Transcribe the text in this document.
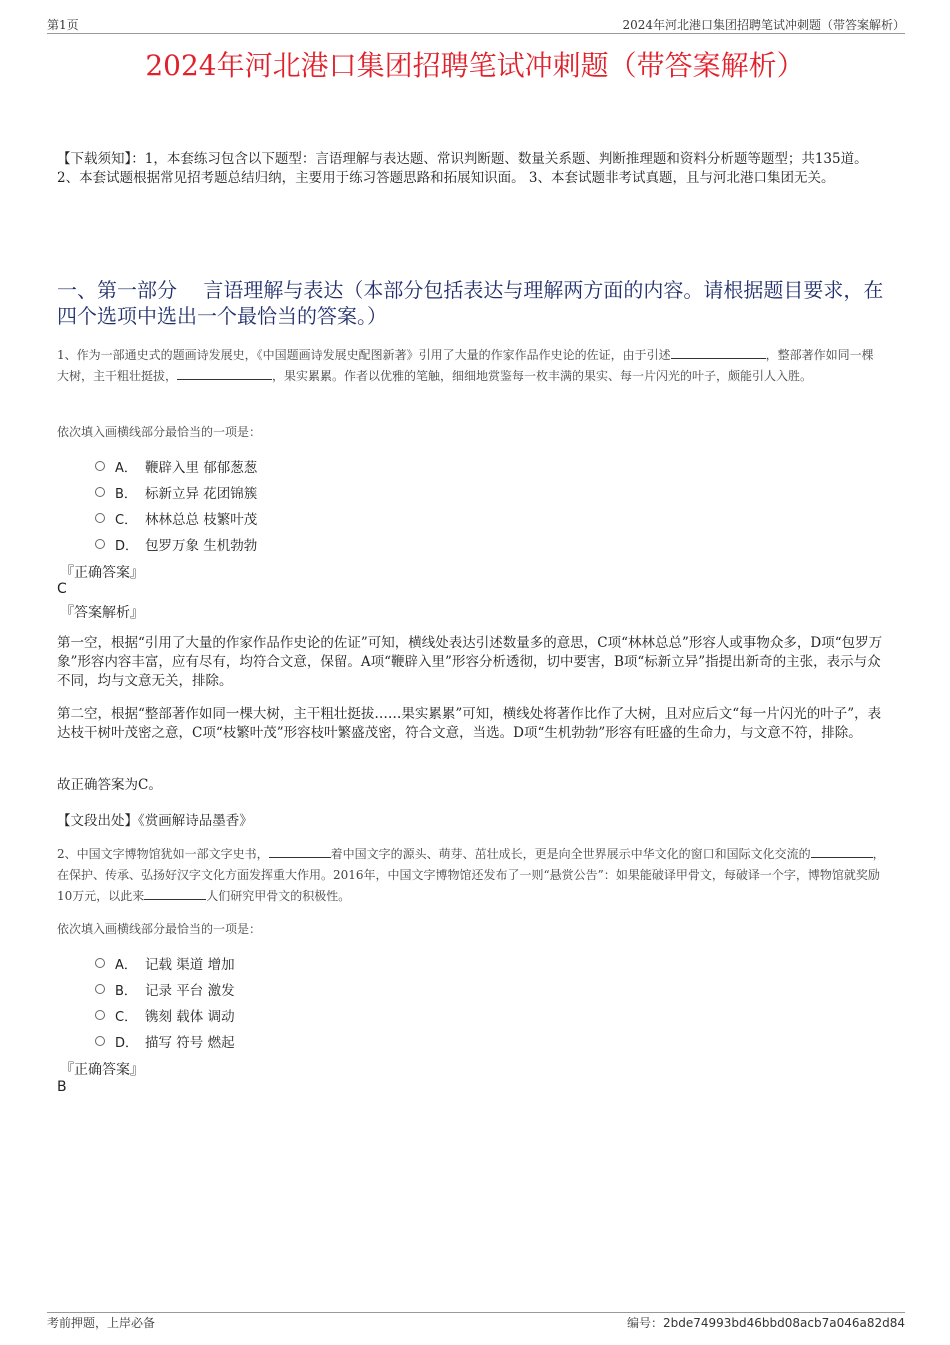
第1页	2024年河北港口集团招聘笔试冲刺题（带答案解析）
2024年河北港口集团招聘笔试冲刺题（带答案解析）
【下载须知】：1，本套练习包含以下题型：言语理解与表达题、常识判断题、数量关系题、判断推理题和资料分析题等题型；共135道。 2、本套试题根据常见招考题总结归纳，主要用于练习答题思路和拓展知识面。 3、本套试题非考试真题，且与河北港口集团无关。
一、第一部分　 言语理解与表达（本部分包括表达与理解两方面的内容。请根据题目要求，在四个选项中选出一个最恰当的答案。）
1、作为一部通史式的题画诗发展史，《中国题画诗发展史配图新著》引用了大量的作家作品作史论的佐证，由于引述	，整部著作如同一棵大树，主干粗壮挺拔，	，果实累累。作者以优雅的笔触，细细地赏鉴每一枚丰满的果实、每一片闪光的叶子，颇能引人入胜。
依次填入画横线部分最恰当的一项是：
A． 鞭辟入里 郁郁葱葱
B． 标新立异 花团锦簇
C． 林林总总 枝繁叶茂
D． 包罗万象 生机勃勃
『正确答案』
C
『答案解析』
第一空，根据“引用了大量的作家作品作史论的佐证”可知，横线处表达引述数量多的意思，C项“林林总总”形容人或事物众多，D项“包罗万象”形容内容丰富，应有尽有，均符合文意，保留。A项“鞭辟入里”形容分析透彻，切中要害，B项“标新立异”指提出新奇的主张，表示与众不同，均与文意无关，排除。
第二空，根据“整部著作如同一棵大树，主干粗壮挺拔……果实累累”可知，横线处将著作比作了大树，且对应后文“每一片闪光的叶子”，表达枝干树叶茂密之意，C项“枝繁叶茂”形容枝叶繁盛茂密，符合文意，当选。D项“生机勃勃”形容有旺盛的生命力，与文意不符，排除。
故正确答案为C。
【文段出处】《赏画解诗品墨香》
2、中国文字博物馆犹如一部文字史书，	着中国文字的源头、萌芽、茁壮成长，更是向全世界展示中华文化的窗口和国际文化交流的	，在保护、传承、弘扬好汉字文化方面发挥重大作用。2016年，中国文字博物馆还发布了一则“悬赏公告”：如果能破译甲骨文，每破译一个字，博物馆就奖励10万元，以此来	人们研究甲骨文的积极性。
依次填入画横线部分最恰当的一项是：
A． 记载 渠道 增加
B． 记录 平台 激发
C． 镌刻 载体 调动
D． 描写 符号 燃起
『正确答案』
B
考前押题，上岸必备	编号：2bde74993bd46bbd08acb7a046a82d84
